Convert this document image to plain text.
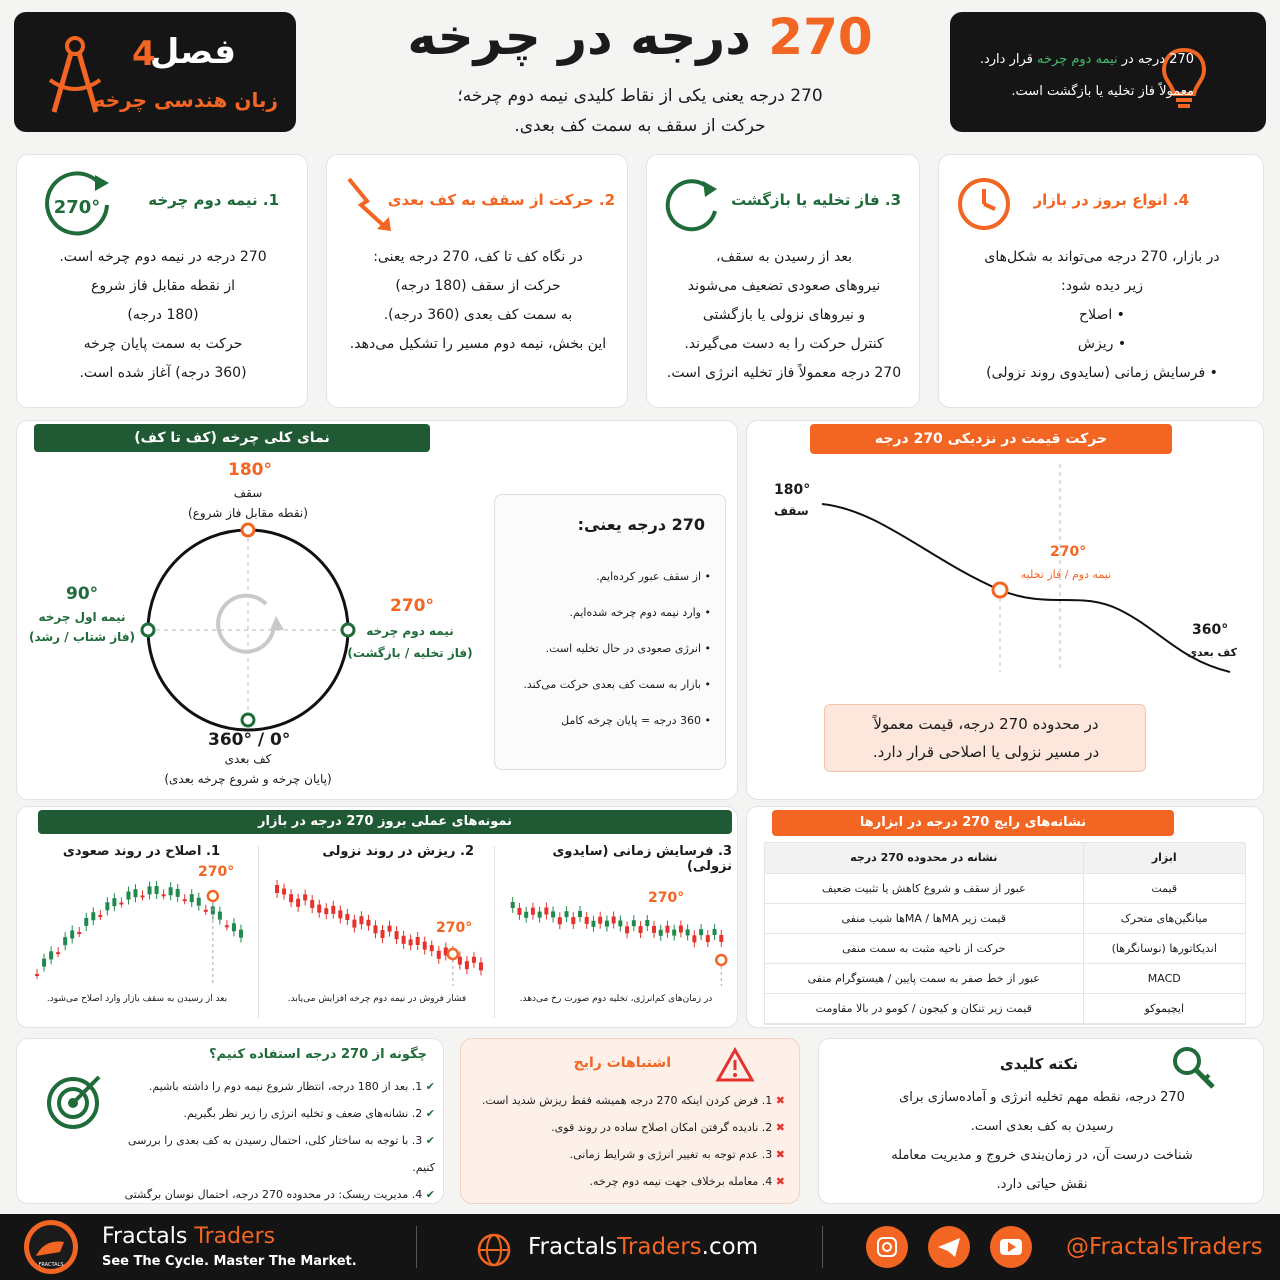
فصل
4
زبان هندسی چرخه
270 درجه در چرخه
270 درجه یعنی یکی از نقاط کلیدی نیمه دوم چرخه؛
حرکت از سقف به سمت کف بعدی.
270 درجه در نیمه دوم چرخه قرار دارد.
معمولاً فاز تخلیه یا بازگشت است.
270°	1. نیمه دوم چرخه
270 درجه در نیمه دوم چرخه است.
از نقطه مقابل فاز شروع
(180 درجه)
حرکت به سمت پایان چرخه
(360 درجه) آغاز شده است.
2. حرکت از سقف به کف بعدی
در نگاه کف تا کف، 270 درجه یعنی:
حرکت از سقف (180 درجه)
به سمت کف بعدی (360 درجه).
این بخش، نیمه دوم مسیر را تشکیل می‌دهد.
3. فاز تخلیه یا بازگشت
بعد از رسیدن به سقف،
نیروهای صعودی تضعیف می‌شوند
و نیروهای نزولی یا بازگشتی
کنترل حرکت را به دست می‌گیرند.
270 درجه معمولاً فاز تخلیه انرژی است.
4. انواع بروز در بازار
در بازار، 270 درجه می‌تواند به شکل‌های
زیر دیده شود:
• اصلاح
• ریزش
• فرسایش زمانی (سایدوی روند نزولی)
نمای کلی چرخه (کف تا کف)
180°
سقف
(نقطه مقابل فاز شروع)
90°
نیمه اول چرخه
(فاز شتاب / رشد)
270°
نیمه دوم چرخه
(فاز تخلیه / بازگشت)
360° / 0°
کف بعدی
(پایان چرخه و شروع چرخه بعدی)
270 درجه یعنی:
• از سقف عبور کرده‌ایم.
• وارد نیمه دوم چرخه شده‌ایم.
• انرژی صعودی در حال تخلیه است.
• بازار به سمت کف بعدی حرکت می‌کند.
• 360 درجه = پایان چرخه کامل
حرکت قیمت در نزدیکی 270 درجه
180°
سقف
270°
نیمه دوم / فاز تخلیه
360°
کف بعدی
در محدوده 270 درجه، قیمت معمولاً
در مسیر نزولی یا اصلاحی قرار دارد.
نمونه‌های عملی بروز 270 درجه در بازار
1. اصلاح در روند صعودی	2. ریزش در روند نزولی	3. فرسایش زمانی (سایدوی نزولی)
270°
270°
270°
بعد از رسیدن به سقف بازار وارد اصلاح می‌شود.	فشار فروش در نیمه دوم چرخه افزایش می‌یابد.	در زمان‌های کم‌انرژی، تخلیه دوم صورت رخ می‌دهد.
نشانه‌های رایج 270 درجه در ابزارها
ابزار	نشانه در محدوده 270 درجه
قیمت	عبور از سقف و شروع کاهش یا تثبیت ضعیف
میانگین‌های متحرک	قیمت زیر MAها / MAها شیب منفی
اندیکاتورها (نوسانگرها)	حرکت از ناحیه مثبت به سمت منفی
MACD	عبور از خط صفر به سمت پایین / هیستوگرام منفی
ایچیموکو	قیمت زیر تنکان و کیجون / کومو در بالا مقاومت
چگونه از 270 درجه استفاده کنیم؟
✔ 1. بعد از 180 درجه، انتظار شروع نیمه دوم را داشته باشیم.
✔ 2. نشانه‌های ضعف و تخلیه انرژی را زیر نظر بگیریم.
✔ 3. با توجه به ساختار کلی، احتمال رسیدن به کف بعدی را بررسی کنیم.
✔ 4. مدیریت ریسک: در محدوده 270 درجه، احتمال نوسان برگشتی
اشتباهات رایج
✖ 1. فرض کردن اینکه 270 درجه همیشه فقط ریزش شدید است.
✖ 2. نادیده گرفتن امکان اصلاح ساده در روند قوی.
✖ 3. عدم توجه به تغییر انرژی و شرایط زمانی.
✖ 4. معامله برخلاف جهت نیمه دوم چرخه.
نکته کلیدی
270 درجه، نقطه مهم تخلیه انرژی و آماده‌سازی برای
رسیدن به کف بعدی است.
شناخت درست آن، در زمان‌بندی خروج و مدیریت معامله
نقش حیاتی دارد.
FRACTALS
Fractals Traders
See The Cycle. Master The Market.
FractalsTraders.com	@FractalsTraders
